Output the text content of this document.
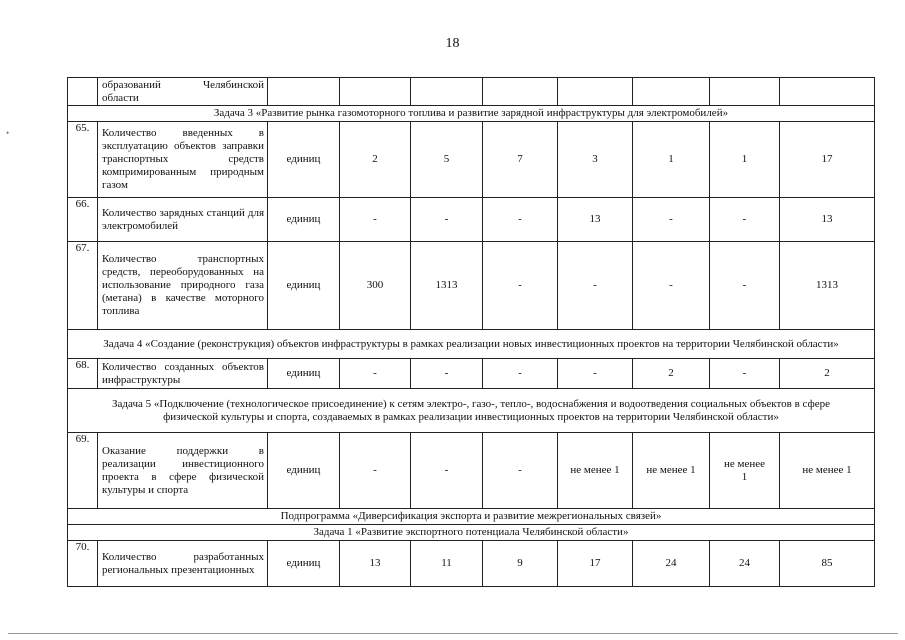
18
•
	образований Челябинской области								
Задача 3 «Развитие рынка газомоторного топлива и развитие зарядной инфраструктуры для электромобилей»									
65.	Количество введенных в эксплуатацию объектов заправки транспортных средств компримированным природным газом	единиц	2	5	7	3	1	1	17
66.	Количество зарядных станций для электромобилей	единиц	-	-	-	13	-	-	13
67.	Количество транспортных средств, переоборудованных на использование природного газа (метана) в качестве моторного топлива	единиц	300	1313	-	-	-	-	1313
Задача 4 «Создание (реконструкция) объектов инфраструктуры в рамках реализации новых инвестиционных проектов на территории Челябинской области»									
68.	Количество созданных объектов инфраструктуры	единиц	-	-	-	-	2	-	2
Задача 5 «Подключение (технологическое присоединение) к сетям электро-, газо-, тепло-, водоснабжения и водоотведения социальных объектов в сфере физической культуры и спорта, создаваемых в рамках реализации инвестиционных проектов на территории Челябинской области»									
69.	Оказание поддержки в реализации инвестиционного проекта в сфере физической культуры и спорта	единиц	-	-	-	не менее 1	не менее 1	не менее 1	не менее 1
Подпрограмма «Диверсификация экспорта и развитие межрегиональных связей»									
Задача 1 «Развитие экспортного потенциала Челябинской области»									
70.	Количество разработанных региональных презентационных	единиц	13	11	9	17	24	24	85
